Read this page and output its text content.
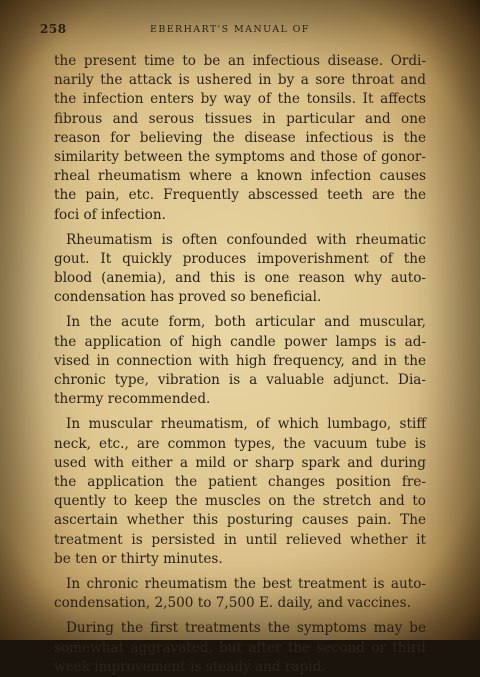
258	EBERHART'S MANUAL OF
the present time to be an infectious disease. Ordi-
narily the attack is ushered in by a sore throat and
the infection enters by way of the tonsils. It affects
fibrous and serous tissues in particular and one
reason for believing the disease infectious is the
similarity between the symptoms and those of gonor-
rheal rheumatism where a known infection causes
the pain, etc. Frequently abscessed teeth are the
foci of infection.
Rheumatism is often confounded with rheumatic
gout. It quickly produces impoverishment of the
blood (anemia), and this is one reason why auto-
condensation has proved so beneficial.
In the acute form, both articular and muscular,
the application of high candle power lamps is ad-
vised in connection with high frequency, and in the
chronic type, vibration is a valuable adjunct. Dia-
thermy recommended.
In muscular rheumatism, of which lumbago, stiff
neck, etc., are common types, the vacuum tube is
used with either a mild or sharp spark and during
the application the patient changes position fre-
quently to keep the muscles on the stretch and to
ascertain whether this posturing causes pain. The
treatment is persisted in until relieved whether it
be ten or thirty minutes.
In chronic rheumatism the best treatment is auto-
condensation, 2,500 to 7,500 E. daily, and vaccines.
During the first treatments the symptoms may be
somewhat aggravated, but after the second or third
week improvement is steady and rapid.
